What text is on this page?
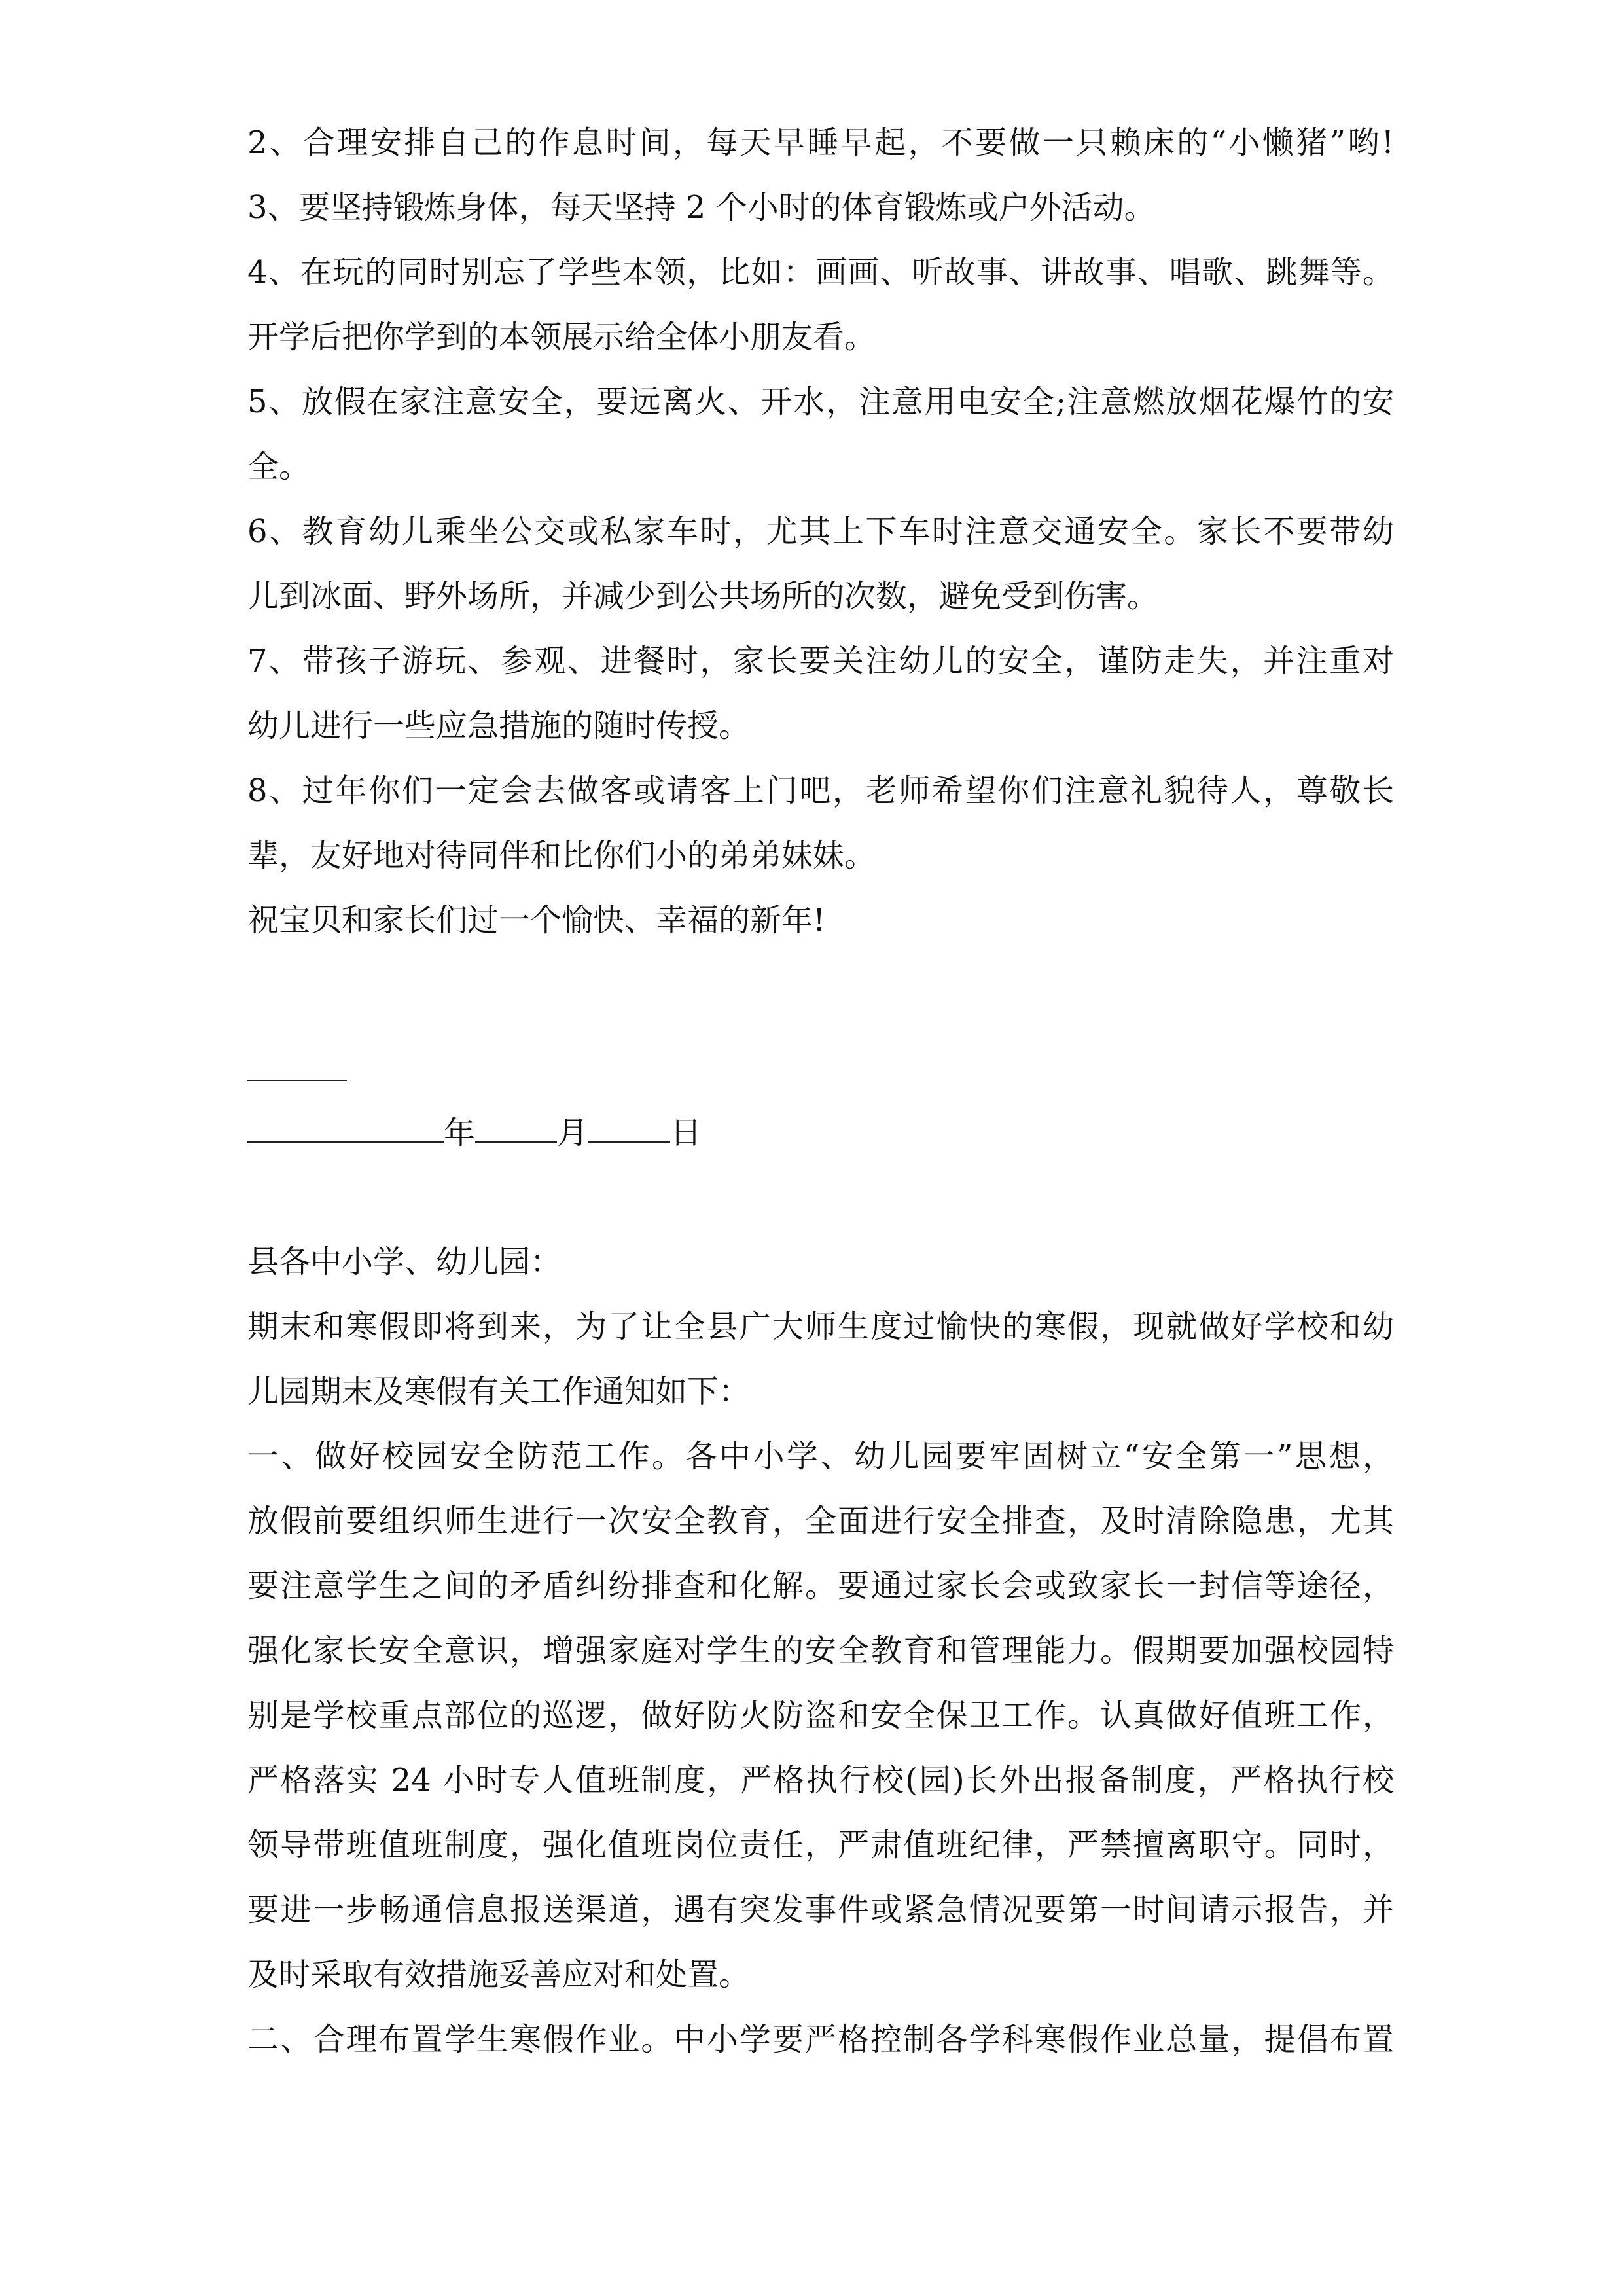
2、合理安排自己的作息时间，每天早睡早起，不要做一只赖床的“小懒猪”哟!
3、要坚持锻炼身体，每天坚持 2 个小时的体育锻炼或户外活动。
4、在玩的同时别忘了学些本领，比如：画画、听故事、讲故事、唱歌、跳舞等。
开学后把你学到的本领展示给全体小朋友看。
5、放假在家注意安全，要远离火、开水，注意用电安全;注意燃放烟花爆竹的安
全。
6、教育幼儿乘坐公交或私家车时，尤其上下车时注意交通安全。家长不要带幼
儿到冰面、野外场所，并减少到公共场所的次数，避免受到伤害。
7、带孩子游玩、参观、进餐时，家长要关注幼儿的安全，谨防走失，并注重对
幼儿进行一些应急措施的随时传授。
8、过年你们一定会去做客或请客上门吧，老师希望你们注意礼貌待人，尊敬长
辈，友好地对待同伴和比你们小的弟弟妹妹。
祝宝贝和家长们过一个愉快、幸福的新年!
年	月	日
县各中小学、幼儿园：
期末和寒假即将到来，为了让全县广大师生度过愉快的寒假，现就做好学校和幼
儿园期末及寒假有关工作通知如下：
一、做好校园安全防范工作。各中小学、幼儿园要牢固树立“安全第一”思想，
放假前要组织师生进行一次安全教育，全面进行安全排查，及时清除隐患，尤其
要注意学生之间的矛盾纠纷排查和化解。要通过家长会或致家长一封信等途径，
强化家长安全意识，增强家庭对学生的安全教育和管理能力。假期要加强校园特
别是学校重点部位的巡逻，做好防火防盗和安全保卫工作。认真做好值班工作，
严格落实 24 小时专人值班制度，严格执行校(园)长外出报备制度，严格执行校
领导带班值班制度，强化值班岗位责任，严肃值班纪律，严禁擅离职守。同时，
要进一步畅通信息报送渠道，遇有突发事件或紧急情况要第一时间请示报告，并
及时采取有效措施妥善应对和处置。
二、合理布置学生寒假作业。中小学要严格控制各学科寒假作业总量，提倡布置
